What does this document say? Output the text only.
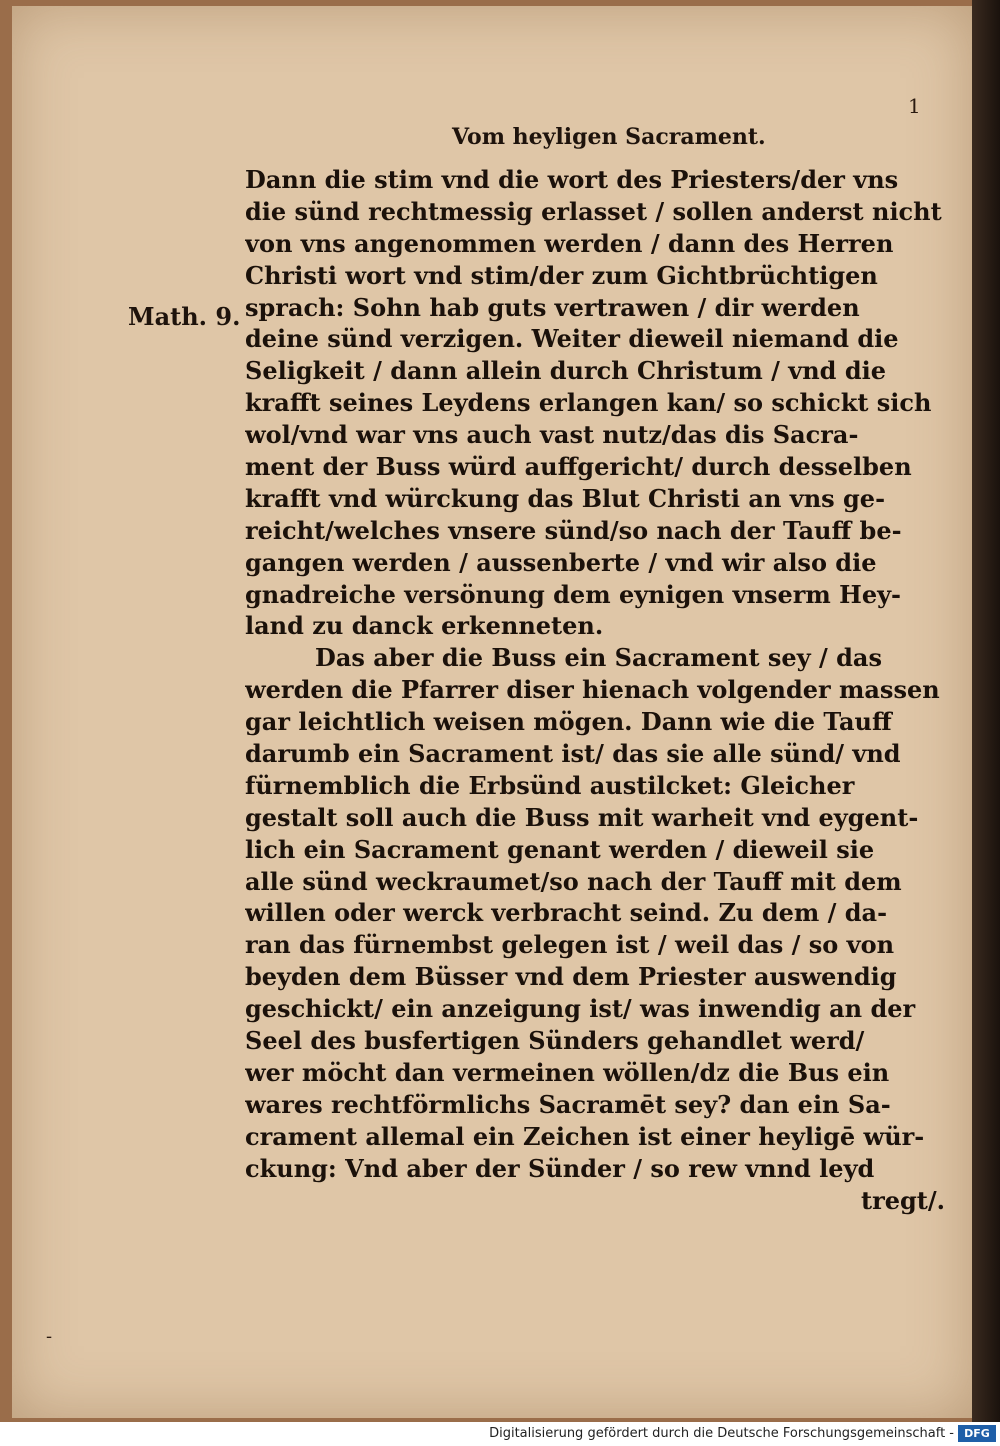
1
Vom heyligen Sacrament.
Math. 9.
Dann die stim vnd die wort des Priesters/der vns
die sünd rechtmessig erlasset / sollen anderst nicht
von vns angenommen werden / dann des Herren
Christi wort vnd stim/der zum Gichtbrüchtigen
sprach: Sohn hab guts vertrawen / dir werden
deine sünd verzigen. Weiter dieweil niemand die
Seligkeit / dann allein durch Christum / vnd die
krafft seines Leydens erlangen kan/ so schickt sich
wol/vnd war vns auch vast nutz/das dis Sacra-
ment der Buss würd auffgericht/ durch desselben
krafft vnd würckung das Blut Christi an vns ge-
reicht/welches vnsere sünd/so nach der Tauff be-
gangen werden / aussenberte / vnd wir also die
gnadreiche versönung dem eynigen vnserm Hey-
land zu danck erkenneten.
Das aber die Buss ein Sacrament sey / das
werden die Pfarrer diser hienach volgender massen
gar leichtlich weisen mögen. Dann wie die Tauff
darumb ein Sacrament ist/ das sie alle sünd/ vnd
fürnemblich die Erbsünd austilcket: Gleicher
gestalt soll auch die Buss mit warheit vnd eygent-
lich ein Sacrament genant werden / dieweil sie
alle sünd weckraumet/so nach der Tauff mit dem
willen oder werck verbracht seind. Zu dem / da-
ran das fürnembst gelegen ist / weil das / so von
beyden dem Büsser vnd dem Priester auswendig
geschickt/ ein anzeigung ist/ was inwendig an der
Seel des busfertigen Sünders gehandlet werd/
wer möcht dan vermeinen wöllen/dz die Bus ein
wares rechtförmlichs Sacramēt sey? dan ein Sa-
crament allemal ein Zeichen ist einer heyligē wür-
ckung: Vnd aber der Sünder / so rew vnnd leyd
tregt/.
-
Digitalisierung gefördert durch die Deutsche Forschungsgemeinschaft - DFG
